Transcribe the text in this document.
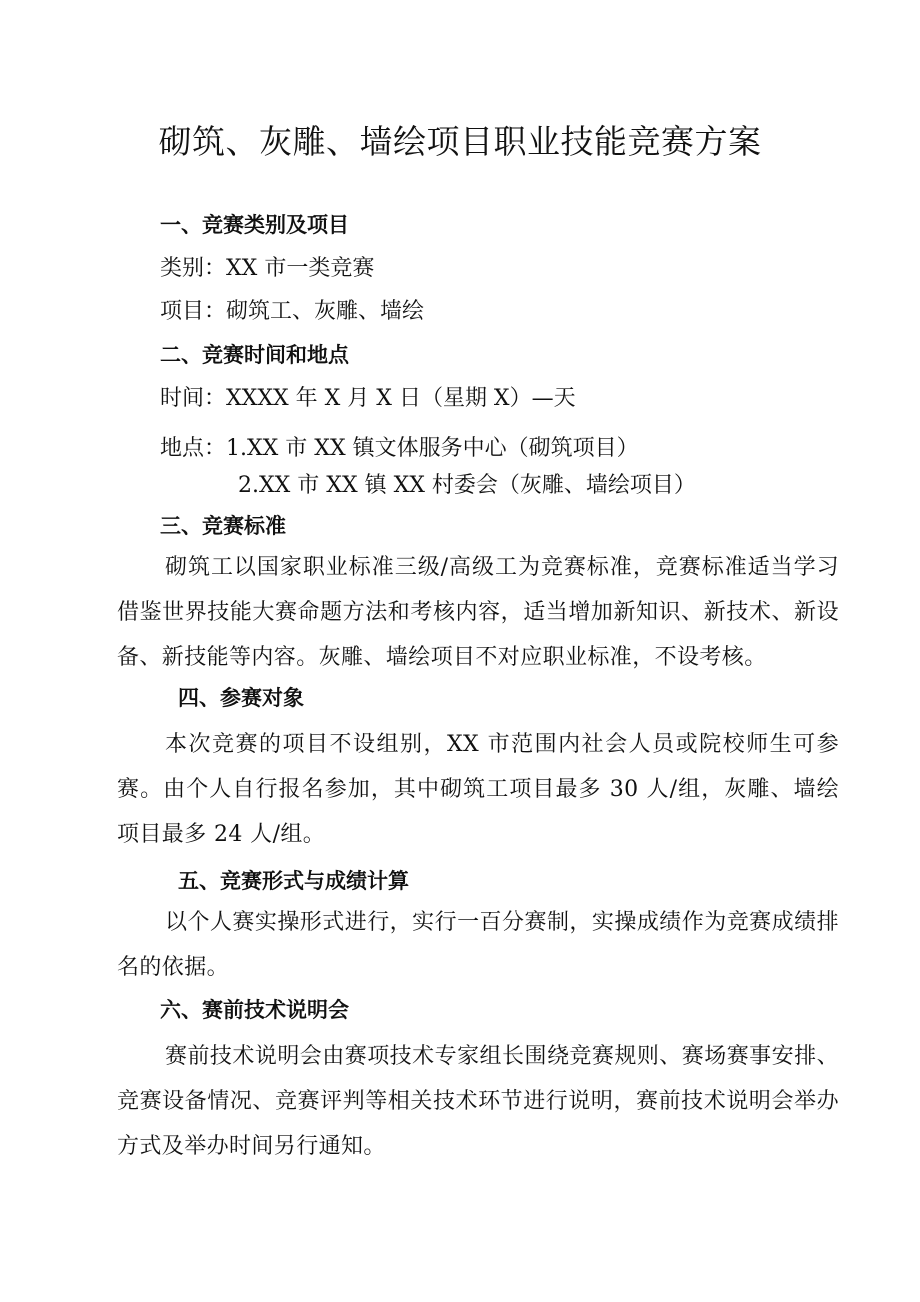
砌筑、灰雕、墙绘项目职业技能竞赛方案
一、竞赛类别及项目
类别：XX 市一类竞赛
项目：砌筑工、灰雕、墙绘
二、竞赛时间和地点
时间：XXXX 年 X 月 X 日（星期 X）—天
地点：1.XX 市 XX 镇文体服务中心（砌筑项目）
2.XX 市 XX 镇 XX 村委会（灰雕、墙绘项目）
三、竞赛标准
砌筑工以国家职业标准三级/高级工为竞赛标准，竞赛标准适当学习借鉴世界技能大赛命题方法和考核内容，适当增加新知识、新技术、新设备、新技能等内容。灰雕、墙绘项目不对应职业标准，不设考核。
四、参赛对象
本次竞赛的项目不设组别，XX 市范围内社会人员或院校师生可参赛。由个人自行报名参加，其中砌筑工项目最多 30 人/组，灰雕、墙绘项目最多 24 人/组。
五、竞赛形式与成绩计算
以个人赛实操形式进行，实行一百分赛制，实操成绩作为竞赛成绩排名的依据。
六、赛前技术说明会
赛前技术说明会由赛项技术专家组长围绕竞赛规则、赛场赛事安排、竞赛设备情况、竞赛评判等相关技术环节进行说明，赛前技术说明会举办方式及举办时间另行通知。
